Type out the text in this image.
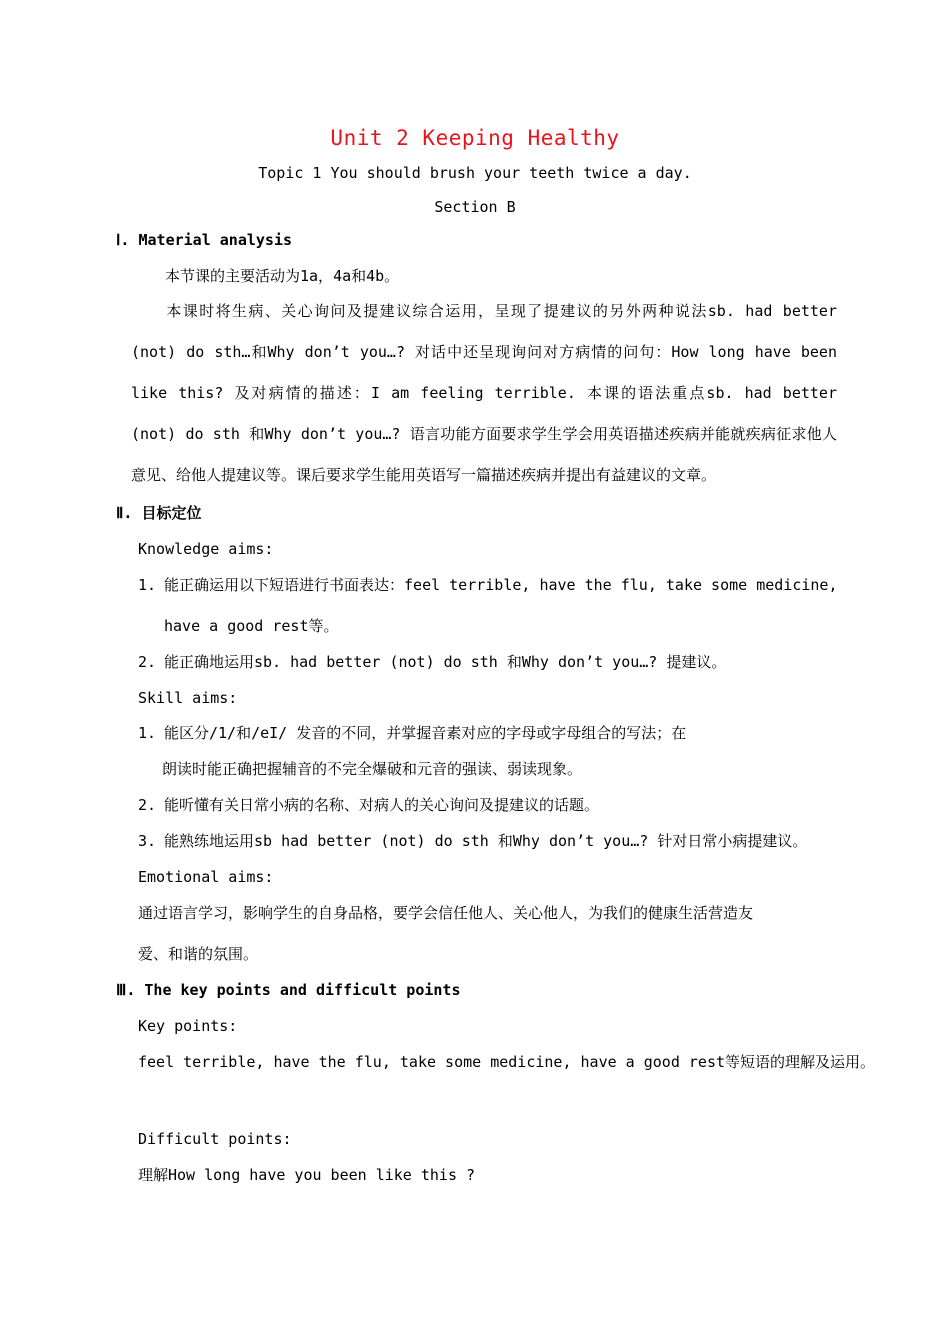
Unit 2 Keeping Healthy
Topic 1 You should brush your teeth twice a day.
Section B
Ⅰ. Material analysis
本节课的主要活动为1a，4a和4b。
本课时将生病、关心询问及提建议综合运用，呈现了提建议的另外两种说法sb. had better (not) do sth…和Why don’t you…? 对话中还呈现询问对方病情的问句：How long have been like this? 及对病情的描述：I am feeling terrible. 本课的语法重点sb. had better (not) do sth 和Why don’t you…? 语言功能方面要求学生学会用英语描述疾病并能就疾病征求他人意见、给他人提建议等。课后要求学生能用英语写一篇描述疾病并提出有益建议的文章。
Ⅱ. 目标定位
Knowledge aims:
1. 能正确运用以下短语进行书面表达：feel terrible, have the flu, take some medicine,
have a good rest等。
2. 能正确地运用sb. had better (not) do sth 和Why don’t you…? 提建议。
Skill aims:
1. 能区分/1/和/eI/ 发音的不同，并掌握音素对应的字母或字母组合的写法；在
朗读时能正确把握辅音的不完全爆破和元音的强读、弱读现象。
2. 能听懂有关日常小病的名称、对病人的关心询问及提建议的话题。
3. 能熟练地运用sb had better (not) do sth 和Why don’t you…? 针对日常小病提建议。
Emotional aims:
通过语言学习，影响学生的自身品格，要学会信任他人、关心他人，为我们的健康生活营造友
爱、和谐的氛围。
Ⅲ. The key points and difficult points
Key points:
feel terrible, have the flu, take some medicine, have a good rest等短语的理解及运用。
Difficult points:
理解How long have you been like this ?
